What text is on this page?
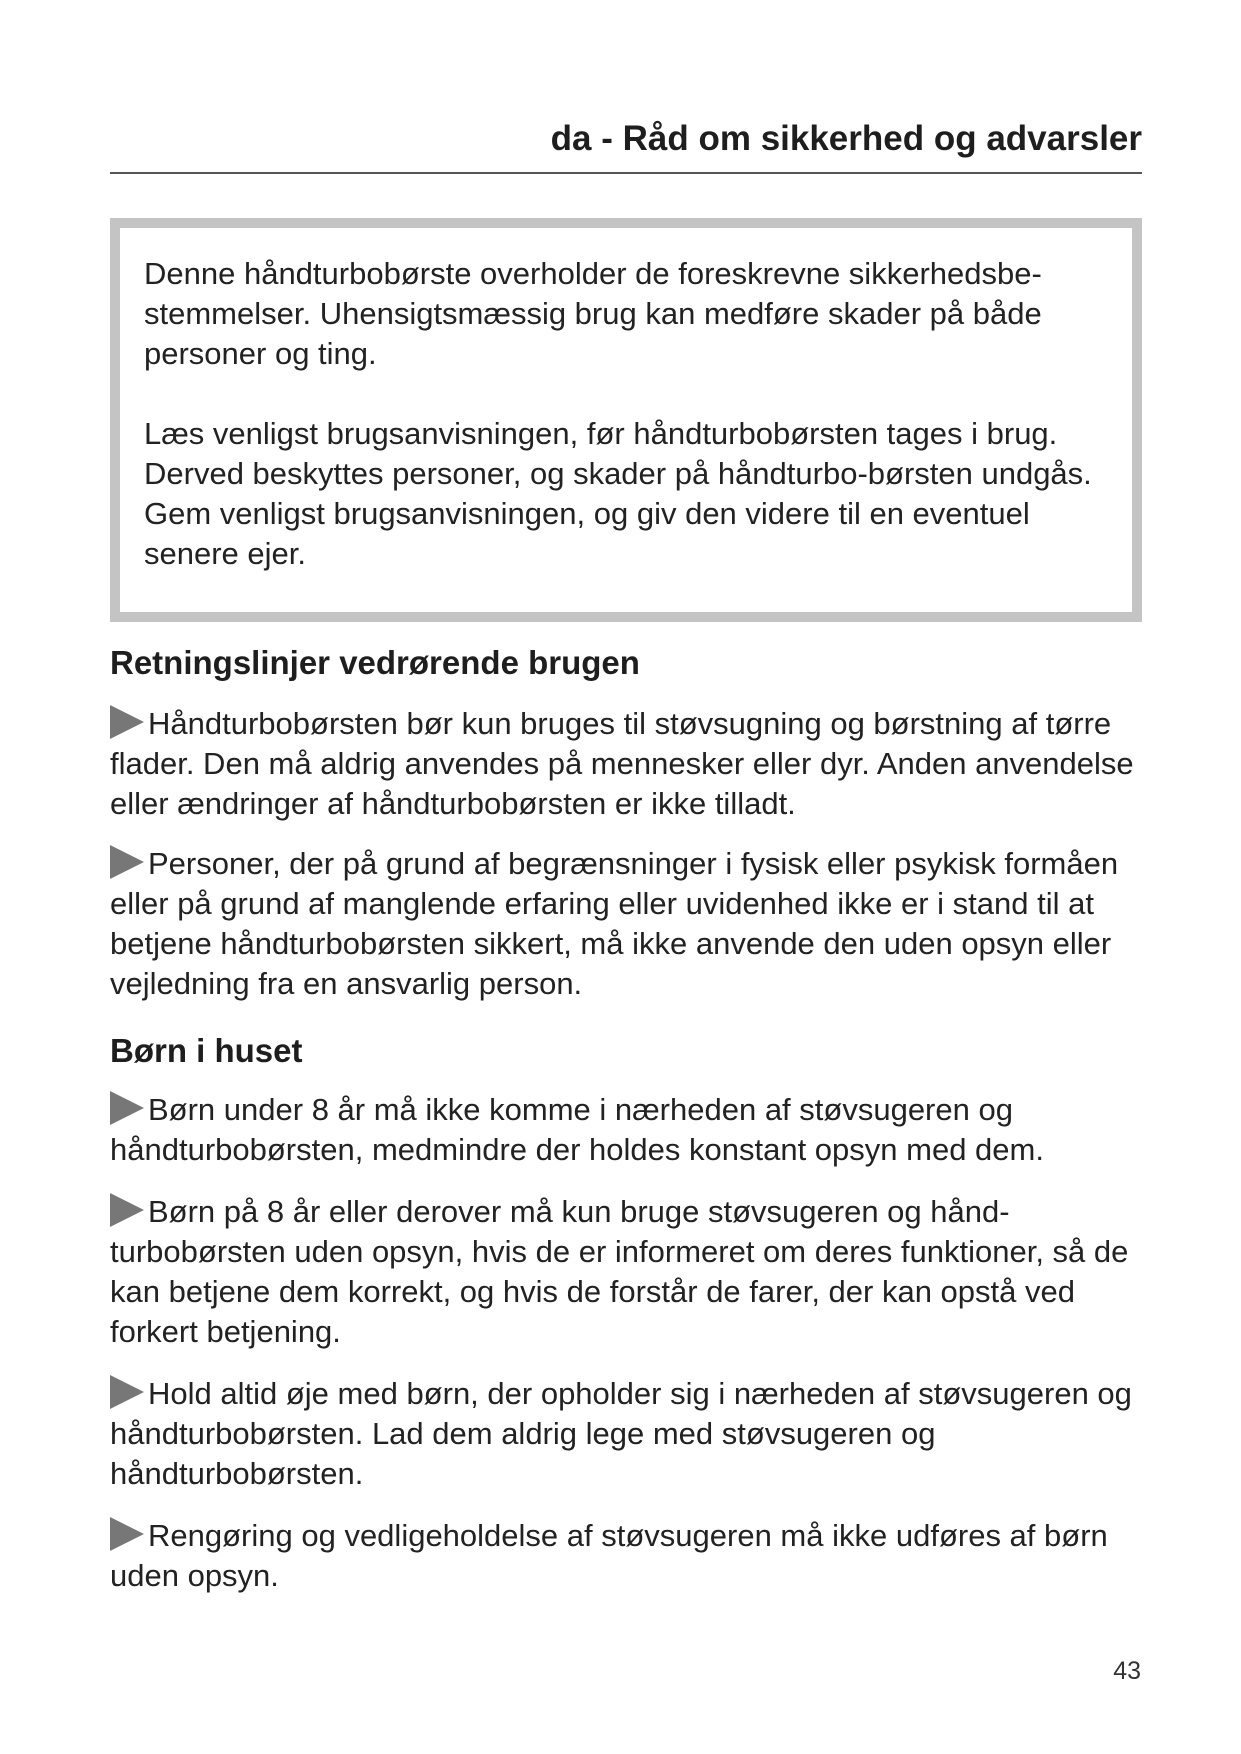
da - Råd om sikkerhed og advarsler

Denne håndturbobørste overholder de foreskrevne sikkerhedsbe-stemmelser. Uhensigtsmæssig brug kan medføre skader på både personer og ting.

Læs venligst brugsanvisningen, før håndturbobørsten tages i brug. Derved beskyttes personer, og skader på håndturbo-børsten undgås.

Gem venligst brugsanvisningen, og giv den videre til en eventuel senere ejer.

Retningslinjer vedrørende brugen

Håndturbobørsten bør kun bruges til støvsugning og børstning af tørre flader. Den må aldrig anvendes på mennesker eller dyr. Anden anvendelse eller ændringer af håndturbobørsten er ikke tilladt.

Personer, der på grund af begrænsninger i fysisk eller psykisk formåen eller på grund af manglende erfaring eller uvidenhed ikke er i stand til at betjene håndturbobørsten sikkert, må ikke anvende den uden opsyn eller vejledning fra en ansvarlig person.

Børn i huset

Børn under 8 år må ikke komme i nærheden af støvsugeren og håndturbobørsten, medmindre der holdes konstant opsyn med dem.

Børn på 8 år eller derover må kun bruge støvsugeren og hånd-turbobørsten uden opsyn, hvis de er informeret om deres funktioner, så de kan betjene dem korrekt, og hvis de forstår de farer, der kan opstå ved forkert betjening.

Hold altid øje med børn, der opholder sig i nærheden af støvsugeren og håndturbobørsten. Lad dem aldrig lege med støvsugeren og håndturbobørsten.

Rengøring og vedligeholdelse af støvsugeren må ikke udføres af børn uden opsyn.

43
